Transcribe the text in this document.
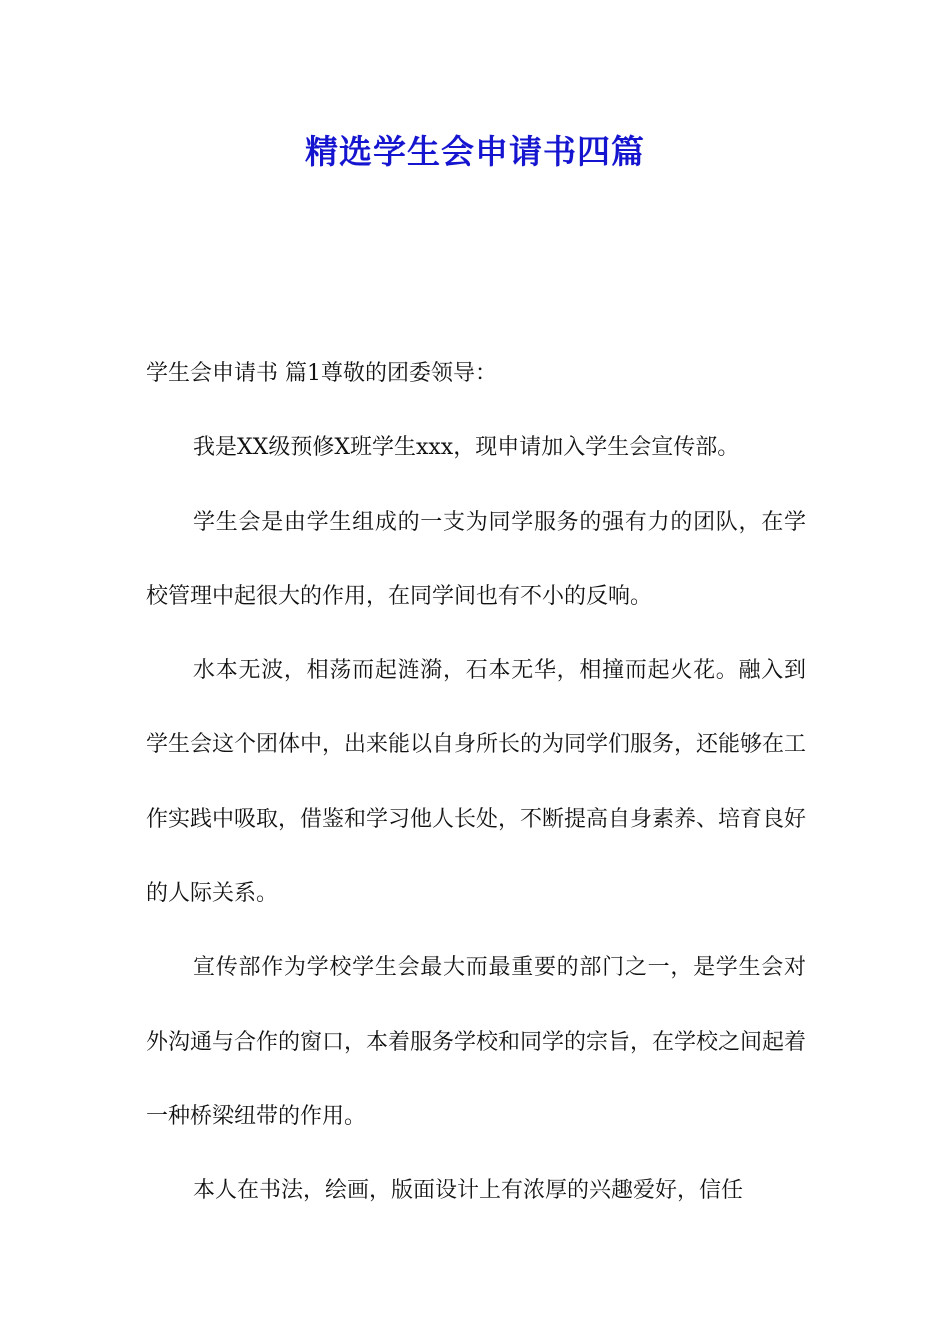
精选学生会申请书四篇

学生会申请书 篇1尊敬的团委领导：

我是XX级预修X班学生xxx，现申请加入学生会宣传部。

学生会是由学生组成的一支为同学服务的强有力的团队，在学校管理中起很大的作用，在同学间也有不小的反响。

水本无波，相荡而起涟漪，石本无华，相撞而起火花。融入到学生会这个团体中，出来能以自身所长的为同学们服务，还能够在工作实践中吸取，借鉴和学习他人长处，不断提高自身素养、培育良好的人际关系。

宣传部作为学校学生会最大而最重要的部门之一，是学生会对外沟通与合作的窗口，本着服务学校和同学的宗旨，在学校之间起着一种桥梁纽带的作用。

本人在书法，绘画，版面设计上有浓厚的兴趣爱好，信任
